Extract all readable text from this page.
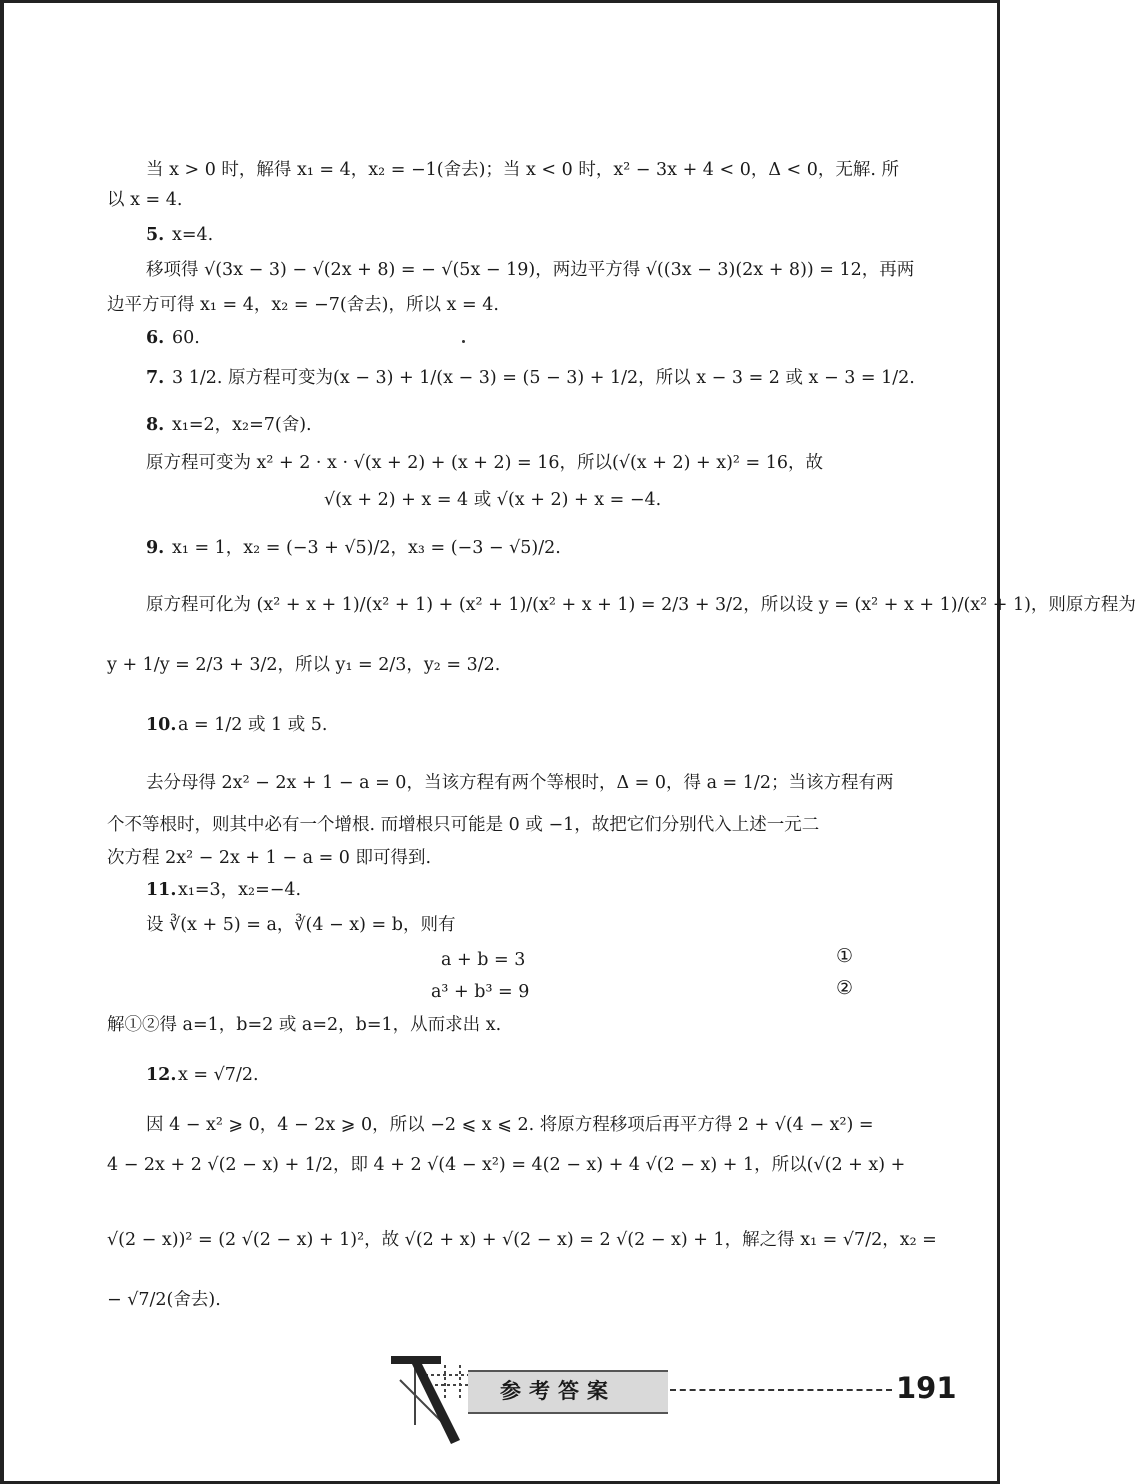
当 x > 0 时，解得 x₁ = 4，x₂ = −1(舍去)；当 x < 0 时，x² − 3x + 4 < 0，Δ < 0，无解. 所
以 x = 4.
5. x=4.
移项得 √(3x − 3) − √(2x + 8) = − √(5x − 19)，两边平方得 √((3x − 3)(2x + 8)) = 12，再两
边平方可得 x₁ = 4，x₂ = −7(舍去)，所以 x = 4.
6. 60.
7. 3 1/2. 原方程可变为(x − 3) + 1/(x − 3) = (5 − 3) + 1/2，所以 x − 3 = 2 或 x − 3 = 1/2.
8. x₁=2，x₂=7(舍).
原方程可变为 x² + 2 · x · √(x + 2) + (x + 2) = 16，所以(√(x + 2) + x)² = 16，故
√(x + 2) + x = 4 或 √(x + 2) + x = −4.
9. x₁ = 1，x₂ = (−3 + √5)/2，x₃ = (−3 − √5)/2.
原方程可化为 (x² + x + 1)/(x² + 1) + (x² + 1)/(x² + x + 1) = 2/3 + 3/2，所以设 y = (x² + x + 1)/(x² + 1)，则原方程为
y + 1/y = 2/3 + 3/2，所以 y₁ = 2/3，y₂ = 3/2.
10. a = 1/2 或 1 或 5.
去分母得 2x² − 2x + 1 − a = 0，当该方程有两个等根时，Δ = 0，得 a = 1/2；当该方程有两
个不等根时，则其中必有一个增根. 而增根只可能是 0 或 −1，故把它们分别代入上述一元二
次方程 2x² − 2x + 1 − a = 0 即可得到.
11. x₁=3，x₂=−4.
设 ∛(x + 5) = a，∛(4 − x) = b，则有
a + b = 3
a³ + b³ = 9
解①②得 a=1，b=2 或 a=2，b=1，从而求出 x.
12. x = √7/2.
因 4 − x² ⩾ 0，4 − 2x ⩾ 0，所以 −2 ⩽ x ⩽ 2. 将原方程移项后再平方得 2 + √(4 − x²) =
4 − 2x + 2 √(2 − x) + 1/2，即 4 + 2 √(4 − x²) = 4(2 − x) + 4 √(2 − x) + 1，所以(√(2 + x) +
√(2 − x))² = (2 √(2 − x) + 1)²，故 √(2 + x) + √(2 − x) = 2 √(2 − x) + 1，解之得 x₁ = √7/2，x₂ =
− √7/2(舍去).
①
②
参考答案	191
